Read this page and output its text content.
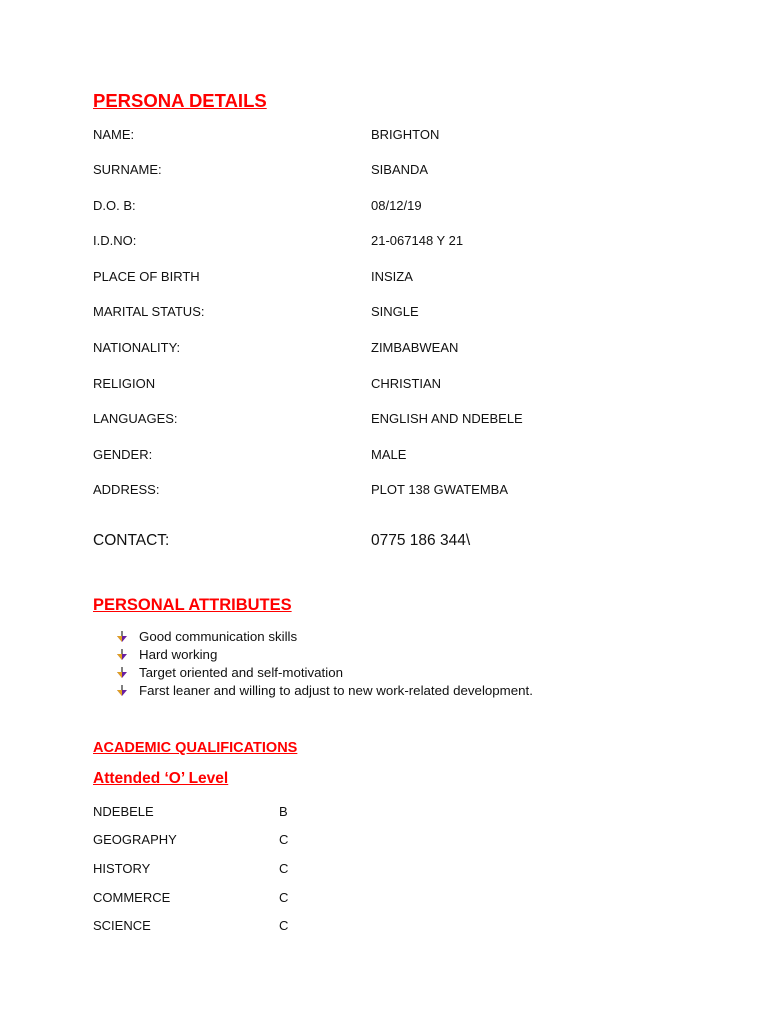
PERSONA DETAILS
NAME:	BRIGHTON
SURNAME:	SIBANDA
D.O. B:	08/12/19
I.D.NO:	21-067148 Y 21
PLACE OF BIRTH	INSIZA
MARITAL STATUS:	SINGLE
NATIONALITY:	ZIMBABWEAN
RELIGION	CHRISTIAN
LANGUAGES:	ENGLISH AND NDEBELE
GENDER:	MALE
ADDRESS:	PLOT 138 GWATEMBA
CONTACT:	0775 186 344\
PERSONAL ATTRIBUTES
Good communication skills
Hard working
Target oriented and self-motivation
Farst leaner and willing to adjust to new work-related development.
ACADEMIC QUALIFICATIONS
Attended ‘O’ Level
NDEBELE	B
GEOGRAPHY	C
HISTORY	C
COMMERCE	C
SCIENCE	C
